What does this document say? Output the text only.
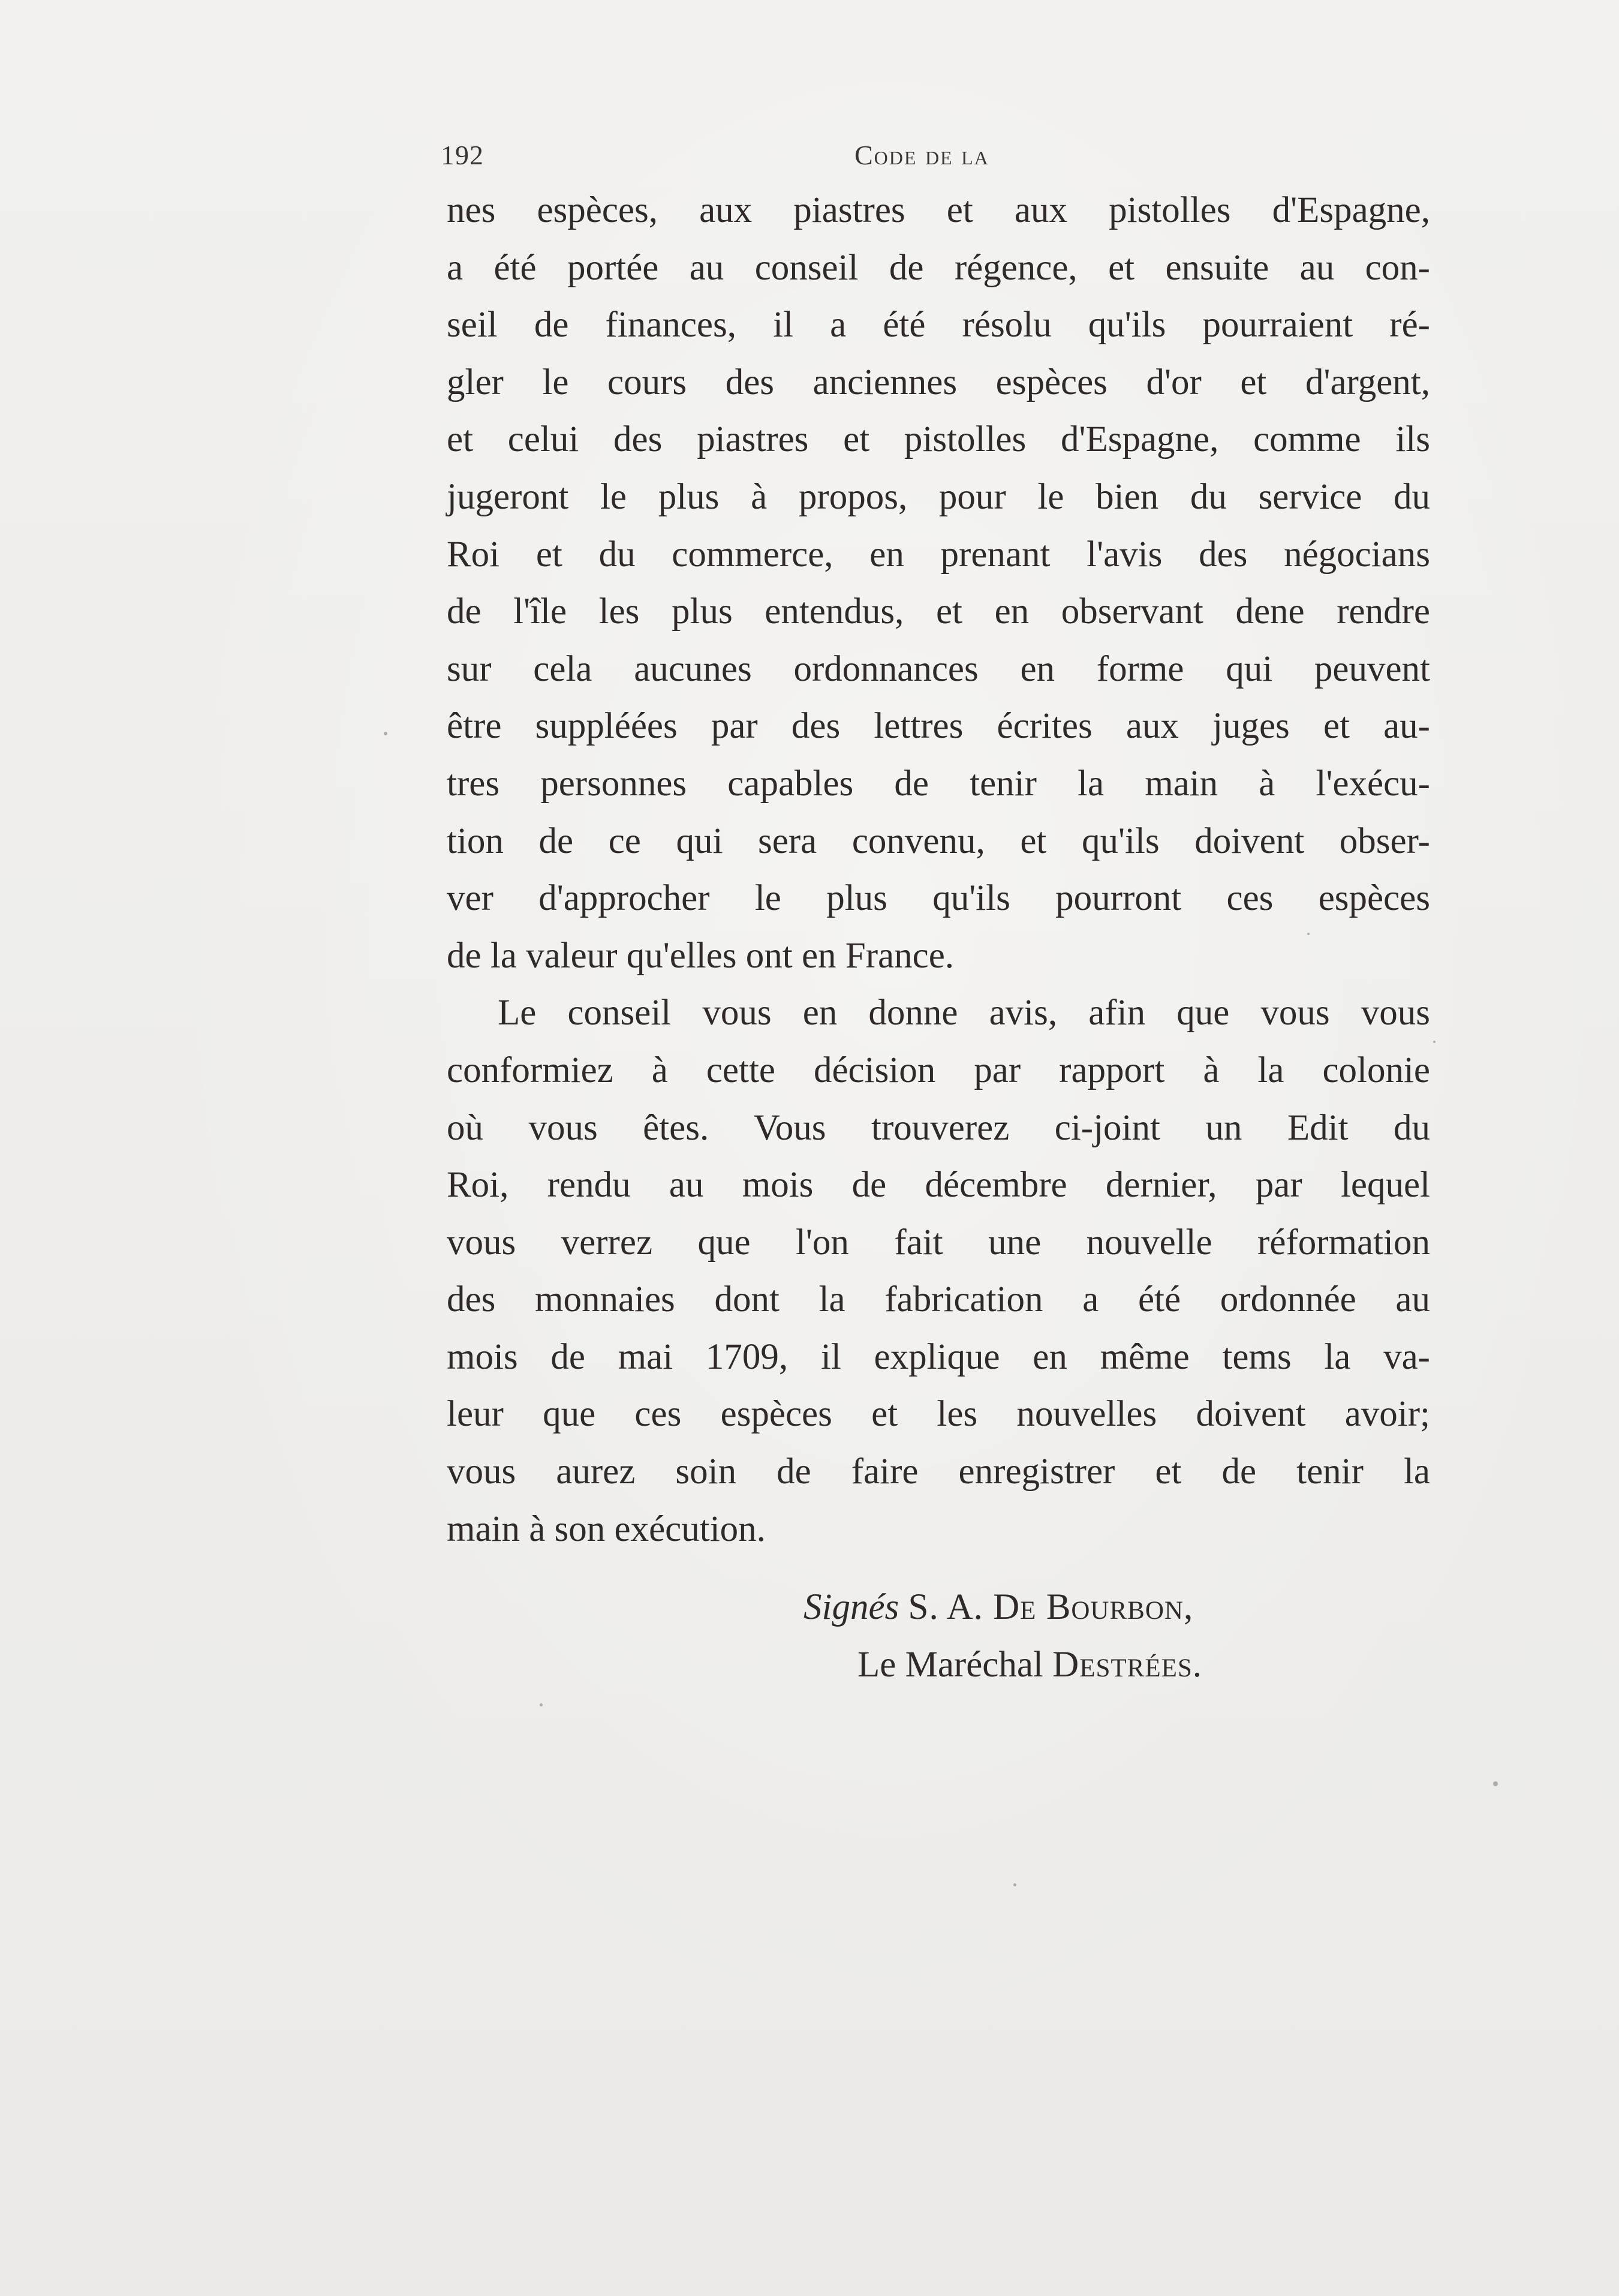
192	Code de la
nes espèces, aux piastres et aux pistolles d'Espagne,
a été portée au conseil de régence, et ensuite au con-
seil de finances, il a été résolu qu'ils pourraient ré-
gler le cours des anciennes espèces d'or et d'argent,
et celui des piastres et pistolles d'Espagne, comme ils
jugeront le plus à propos, pour le bien du service du
Roi et du commerce, en prenant l'avis des négocians
de l'île les plus entendus, et en observant dene rendre
sur cela aucunes ordonnances en forme qui peuvent
être suppléées par des lettres écrites aux juges et au-
tres personnes capables de tenir la main à l'exécu-
tion de ce qui sera convenu, et qu'ils doivent obser-
ver d'approcher le plus qu'ils pourront ces espèces
de la valeur qu'elles ont en France.
Le conseil vous en donne avis, afin que vous vous
conformiez à cette décision par rapport à la colonie
où vous êtes. Vous trouverez ci-joint un Edit du
Roi, rendu au mois de décembre dernier, par lequel
vous verrez que l'on fait une nouvelle réformation
des monnaies dont la fabrication a été ordonnée au
mois de mai 1709, il explique en même tems la va-
leur que ces espèces et les nouvelles doivent avoir;
vous aurez soin de faire enregistrer et de tenir la
main à son exécution.
Signés S. A. De Bourbon,
Le Maréchal Destrées.
